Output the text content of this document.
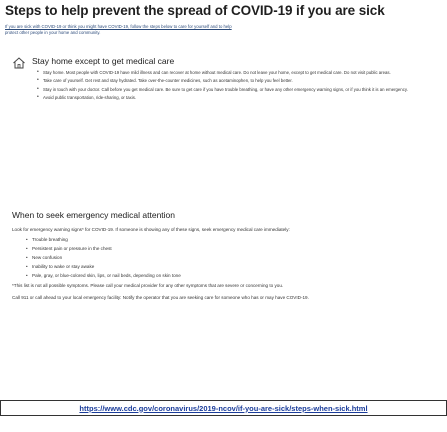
Steps to help prevent the spread of COVID-19 if you are sick
If you are sick with COVID-19 or think you might have COVID-19, follow the steps below to care for yourself and to help
protect other people in your home and community.
Stay home except to get medical care
• Stay home. Most people with COVID-19 have mild illness and can recover at home without medical care. Do not leave your home, except to get medical care. Do not visit public areas.
• Take care of yourself. Get rest and stay hydrated. Take over-the-counter medicines, such as acetaminophen, to help you feel better.
• Stay in touch with your doctor. Call before you get medical care. Be sure to get care if you have trouble breathing, or have any other emergency warning signs, or if you think it is an emergency.
• Avoid public transportation, ride-sharing, or taxis.
When to seek emergency medical attention
Look for emergency warning signs* for COVID-19. If someone is showing any of these signs, seek emergency medical care immediately:
• Trouble breathing
• Persistent pain or pressure in the chest
• New confusion
• Inability to wake or stay awake
• Pale, gray, or blue-colored skin, lips, or nail beds, depending on skin tone
*This list is not all possible symptoms. Please call your medical provider for any other symptoms that are severe or concerning to you.
Call 911 or call ahead to your local emergency facility: Notify the operator that you are seeking care for someone who has or may have COVID-19.
https://www.cdc.gov/coronavirus/2019-ncov/if-you-are-sick/steps-when-sick.html
